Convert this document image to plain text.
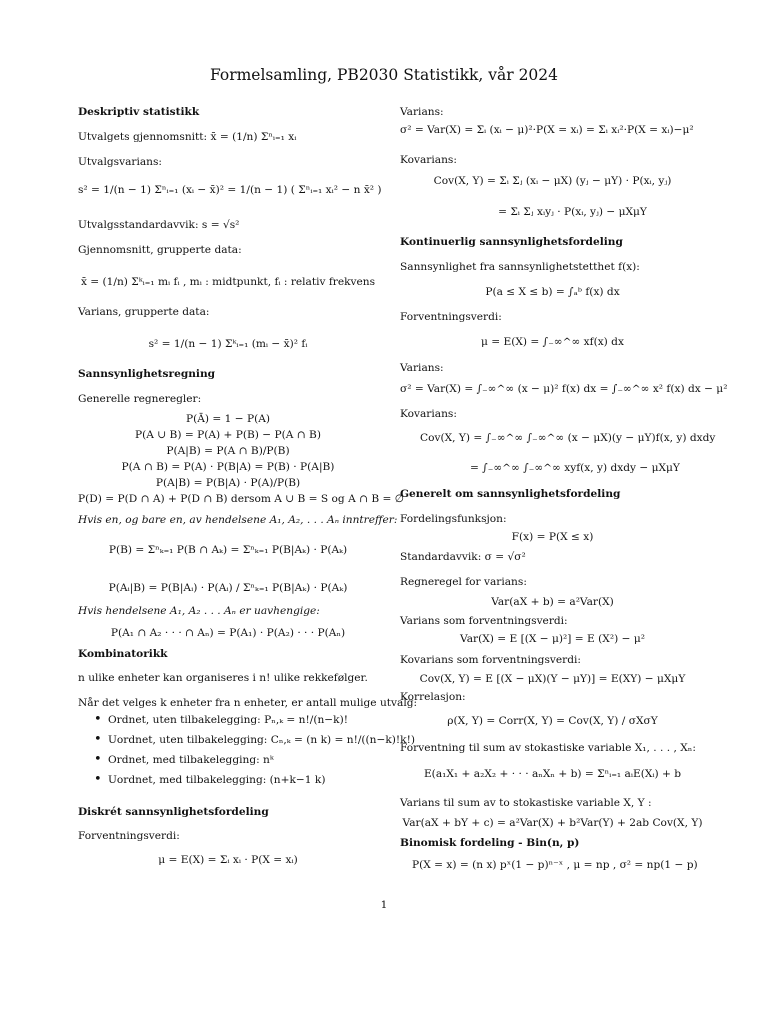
Formelsamling, PB2030 Statistikk, vår 2024
Deskriptiv statistikk
Utvalgets gjennomsnitt: x̄ = (1/n) Σⁿᵢ₌₁ xᵢ
Utvalgsvarians:
s² = 1/(n − 1) Σⁿᵢ₌₁ (xᵢ − x̄)² = 1/(n − 1) ( Σⁿᵢ₌₁ xᵢ² − n x̄² )
Utvalgsstandardavvik: s = √s²
Gjennomsnitt, grupperte data:
x̄ = (1/n) Σᵏᵢ₌₁ mᵢ fᵢ , mᵢ : midtpunkt, fᵢ : relativ frekvens
Varians, grupperte data:
s² = 1/(n − 1) Σᵏᵢ₌₁ (mᵢ − x̄)² fᵢ
Sannsynlighetsregning
Generelle regneregler:
P(Ā) = 1 − P(A)
P(A ∪ B) = P(A) + P(B) − P(A ∩ B)
P(A|B) = P(A ∩ B)/P(B)
P(A ∩ B) = P(A) · P(B|A) = P(B) · P(A|B)
P(A|B) = P(B|A) · P(A)/P(B)
P(D) = P(D ∩ A) + P(D ∩ B) dersom A ∪ B = S og A ∩ B = ∅
Hvis en, og bare en, av hendelsene A₁, A₂, . . . Aₙ inntreffer:
P(B) = Σⁿₖ₌₁ P(B ∩ Aₖ) = Σⁿₖ₌₁ P(B|Aₖ) · P(Aₖ)
P(Aᵢ|B) = P(B|Aᵢ) · P(Aᵢ) / Σⁿₖ₌₁ P(B|Aₖ) · P(Aₖ)
Hvis hendelsene A₁, A₂ . . . Aₙ er uavhengige:
P(A₁ ∩ A₂ · · · ∩ Aₙ) = P(A₁) · P(A₂) · · · P(Aₙ)
Kombinatorikk
n ulike enheter kan organiseres i n! ulike rekkefølger.
Når det velges k enheter fra n enheter, er antall mulige utvalg:
• Ordnet, uten tilbakelegging: Pₙ,ₖ = n!/(n−k)!
• Uordnet, uten tilbakelegging: Cₙ,ₖ = (n k) = n!/((n−k)!k!)
• Ordnet, med tilbakelegging: nᵏ
• Uordnet, med tilbakelegging: (n+k−1 k)
Diskrét sannsynlighetsfordeling
Forventningsverdi:
μ = E(X) = Σᵢ xᵢ · P(X = xᵢ)
Varians:
σ² = Var(X) = Σᵢ (xᵢ − μ)²·P(X = xᵢ) = Σᵢ xᵢ²·P(X = xᵢ)−μ²
Kovarians:
Cov(X, Y) = Σᵢ Σⱼ (xᵢ − μX) (yⱼ − μY) · P(xᵢ, yⱼ)
= Σᵢ Σⱼ xᵢyⱼ · P(xᵢ, yⱼ) − μXμY
Kontinuerlig sannsynlighetsfordeling
Sannsynlighet fra sannsynlighetstetthet f(x):
P(a ≤ X ≤ b) = ∫ₐᵇ f(x) dx
Forventningsverdi:
μ = E(X) = ∫₋∞^∞ xf(x) dx
Varians:
σ² = Var(X) = ∫₋∞^∞ (x − μ)² f(x) dx = ∫₋∞^∞ x² f(x) dx − μ²
Kovarians:
Cov(X, Y) = ∫₋∞^∞ ∫₋∞^∞ (x − μX)(y − μY)f(x, y) dxdy
= ∫₋∞^∞ ∫₋∞^∞ xyf(x, y) dxdy − μXμY
Generelt om sannsynlighetsfordeling
Fordelingsfunksjon:
F(x) = P(X ≤ x)
Standardavvik: σ = √σ²
Regneregel for varians:
Var(aX + b) = a²Var(X)
Varians som forventningsverdi:
Var(X) = E [(X − μ)²] = E (X²) − μ²
Kovarians som forventningsverdi:
Cov(X, Y) = E [(X − μX)(Y − μY)] = E(XY) − μXμY
Korrelasjon:
ρ(X, Y) = Corr(X, Y) = Cov(X, Y) / σXσY
Forventning til sum av stokastiske variable X₁, . . . , Xₙ:
E(a₁X₁ + a₂X₂ + · · · aₙXₙ + b) = Σⁿᵢ₌₁ aᵢE(Xᵢ) + b
Varians til sum av to stokastiske variable X, Y :
Var(aX + bY + c) = a²Var(X) + b²Var(Y) + 2ab Cov(X, Y)
Binomisk fordeling - Bin(n, p)
P(X = x) = (n x) pˣ(1 − p)ⁿ⁻ˣ , μ = np , σ² = np(1 − p)
1
